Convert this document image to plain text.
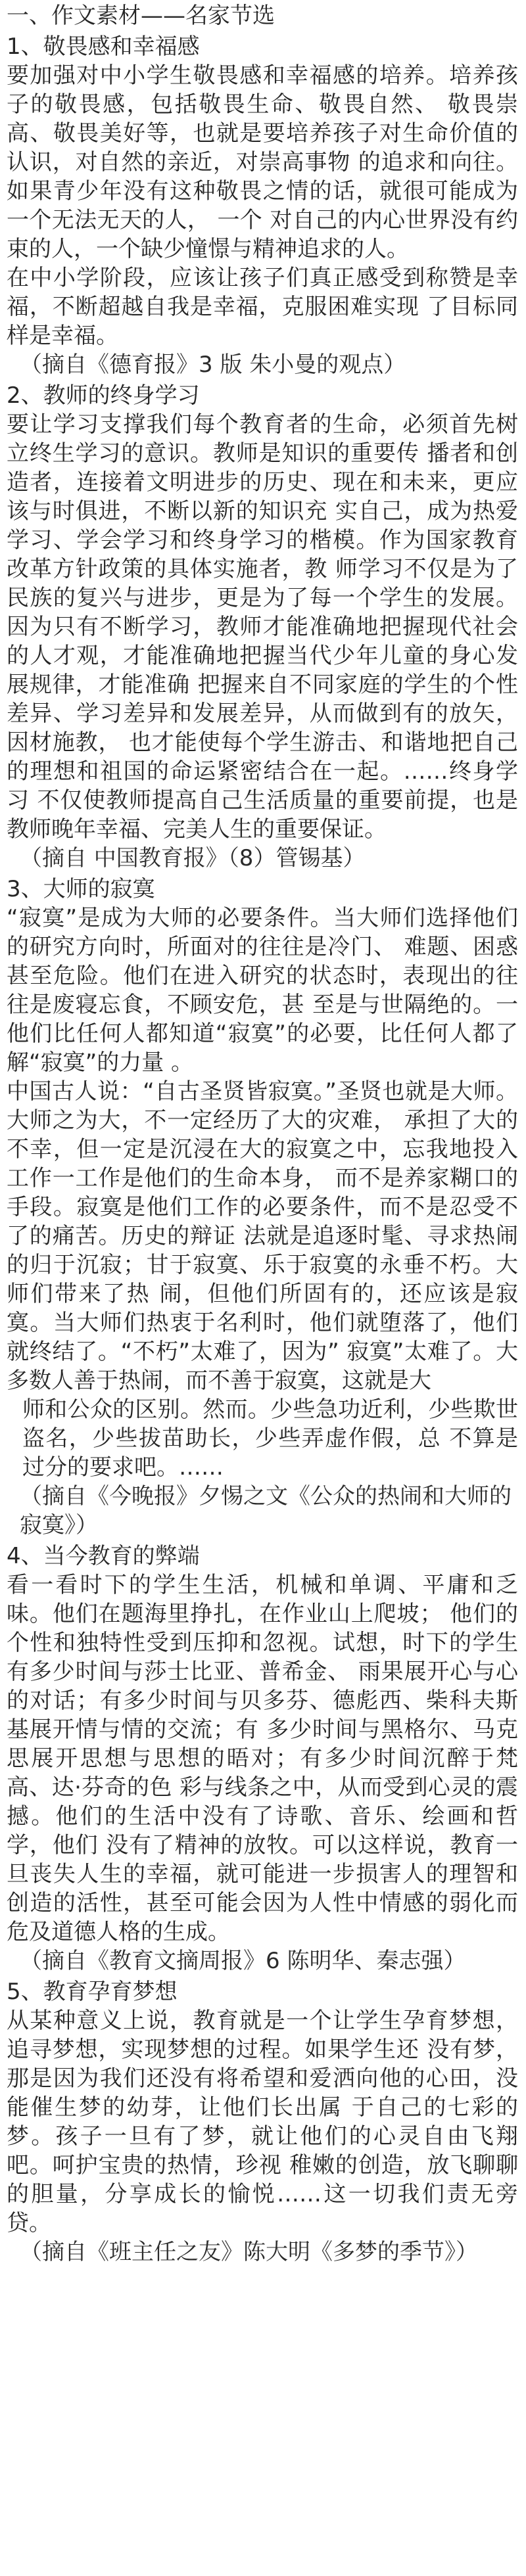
一、作文素材——名家节选

1、敬畏感和幸福感

要加强对中小学生敬畏感和幸福感的培养。培养孩子的敬畏感，包括敬畏生命、敬畏自然、 敬畏崇高、敬畏美好等，也就是要培养孩子对生命价值的认识，对自然的亲近，对崇高事物 的追求和向往。如果青少年没有这种敬畏之情的话，就很可能成为一个无法无天的人， 一个 对自己的内心世界没有约束的人，一个缺少憧憬与精神追求的人。

在中小学阶段，应该让孩子们真正感受到称赞是幸福，不断超越自我是幸福，克服困难实现 了目标同样是幸福。

（摘自《德育报》3 版 朱小曼的观点）

2、教师的终身学习

要让学习支撑我们每个教育者的生命，必须首先树立终生学习的意识。教师是知识的重要传 播者和创造者，连接着文明进步的历史、现在和未来，更应该与时俱进，不断以新的知识充 实自己，成为热爱学习、学会学习和终身学习的楷模。作为国家教育改革方针政策的具体实施者，教 师学习不仅是为了民族的复兴与进步，更是为了每一个学生的发展。因为只有不断学习，教师才能准确地把握现代社会的人才观，才能准确地把握当代少年儿童的身心发展规律，才能准确 把握来自不同家庭的学生的个性差异、学习差异和发展差异，从而做到有的放矢，因材施教， 也才能使每个学生游击、和谐地把自己的理想和祖国的命运紧密结合在一起。……终身学习 不仅使教师提高自己生活质量的重要前提，也是教师晚年幸福、完美人生的重要保证。

（摘自 中国教育报》（8）管锡基）

3、大师的寂寞

“寂寞”是成为大师的必要条件。当大师们选择他们的研究方向时，所面对的往往是冷门、 难题、困惑甚至危险。他们在进入研究的状态时，表现出的往往是废寝忘食，不顾安危，甚 至是与世隔绝的。一他们比任何人都知道“寂寞”的必要，比任何人都了解“寂寞”的力量 。

中国古人说：“自古圣贤皆寂寞。”圣贤也就是大师。大师之为大，不一定经历了大的灾难， 承担了大的不幸，但一定是沉浸在大的寂寞之中，忘我地投入工作一工作是他们的生命本身， 而不是养家糊口的手段。寂寞是他们工作的必要条件，而不是忍受不了的痛苦。历史的辩证 法就是追逐时髦、寻求热闹的归于沉寂；甘于寂寞、乐于寂寞的永垂不朽。大师们带来了热 闹，但他们所固有的，还应该是寂寞。当大师们热衷于名利时，他们就堕落了，他们就终结了。“不朽”太难了，因为” 寂寞”太难了。大多数人善于热闹，而不善于寂寞，这就是大

师和公众的区别。然而。少些急功近利，少些欺世盗名，少些拔苗助长，少些弄虚作假，总 不算是过分的要求吧。……

（摘自《今晚报》夕惕之文《公众的热闹和大师的寂寞》）

4、当今教育的弊端

看一看时下的学生生活，机械和单调、平庸和乏味。他们在题海里挣扎，在作业山上爬坡； 他们的个性和独特性受到压抑和忽视。试想，时下的学生有多少时间与莎士比亚、普希金、 雨果展开心与心的对话；有多少时间与贝多芬、德彪西、柴科夫斯基展开情与情的交流；有 多少时间与黑格尔、马克思展开思想与思想的晤对；有多少时间沉醉于梵高、达·芬奇的色 彩与线条之中，从而受到心灵的震撼。他们的生活中没有了诗歌、音乐、绘画和哲学，他们 没有了精神的放牧。可以这样说，教育一旦丧失人生的幸福，就可能进一步损害人的理智和 创造的活性，甚至可能会因为人性中情感的弱化而危及道德人格的生成。

（摘自《教育文摘周报》6 陈明华、秦志强）

5、教育孕育梦想

从某种意义上说，教育就是一个让学生孕育梦想，追寻梦想，实现梦想的过程。如果学生还 没有梦，那是因为我们还没有将希望和爱洒向他的心田，没能催生梦的幼芽，让他们长出属 于自己的七彩的梦。孩子一旦有了梦，就让他们的心灵自由飞翔吧。呵护宝贵的热情，珍视 稚嫩的创造，放飞聊聊的胆量，分享成长的愉悦……这一切我们责无旁贷。

（摘自《班主任之友》陈大明《多梦的季节》）
